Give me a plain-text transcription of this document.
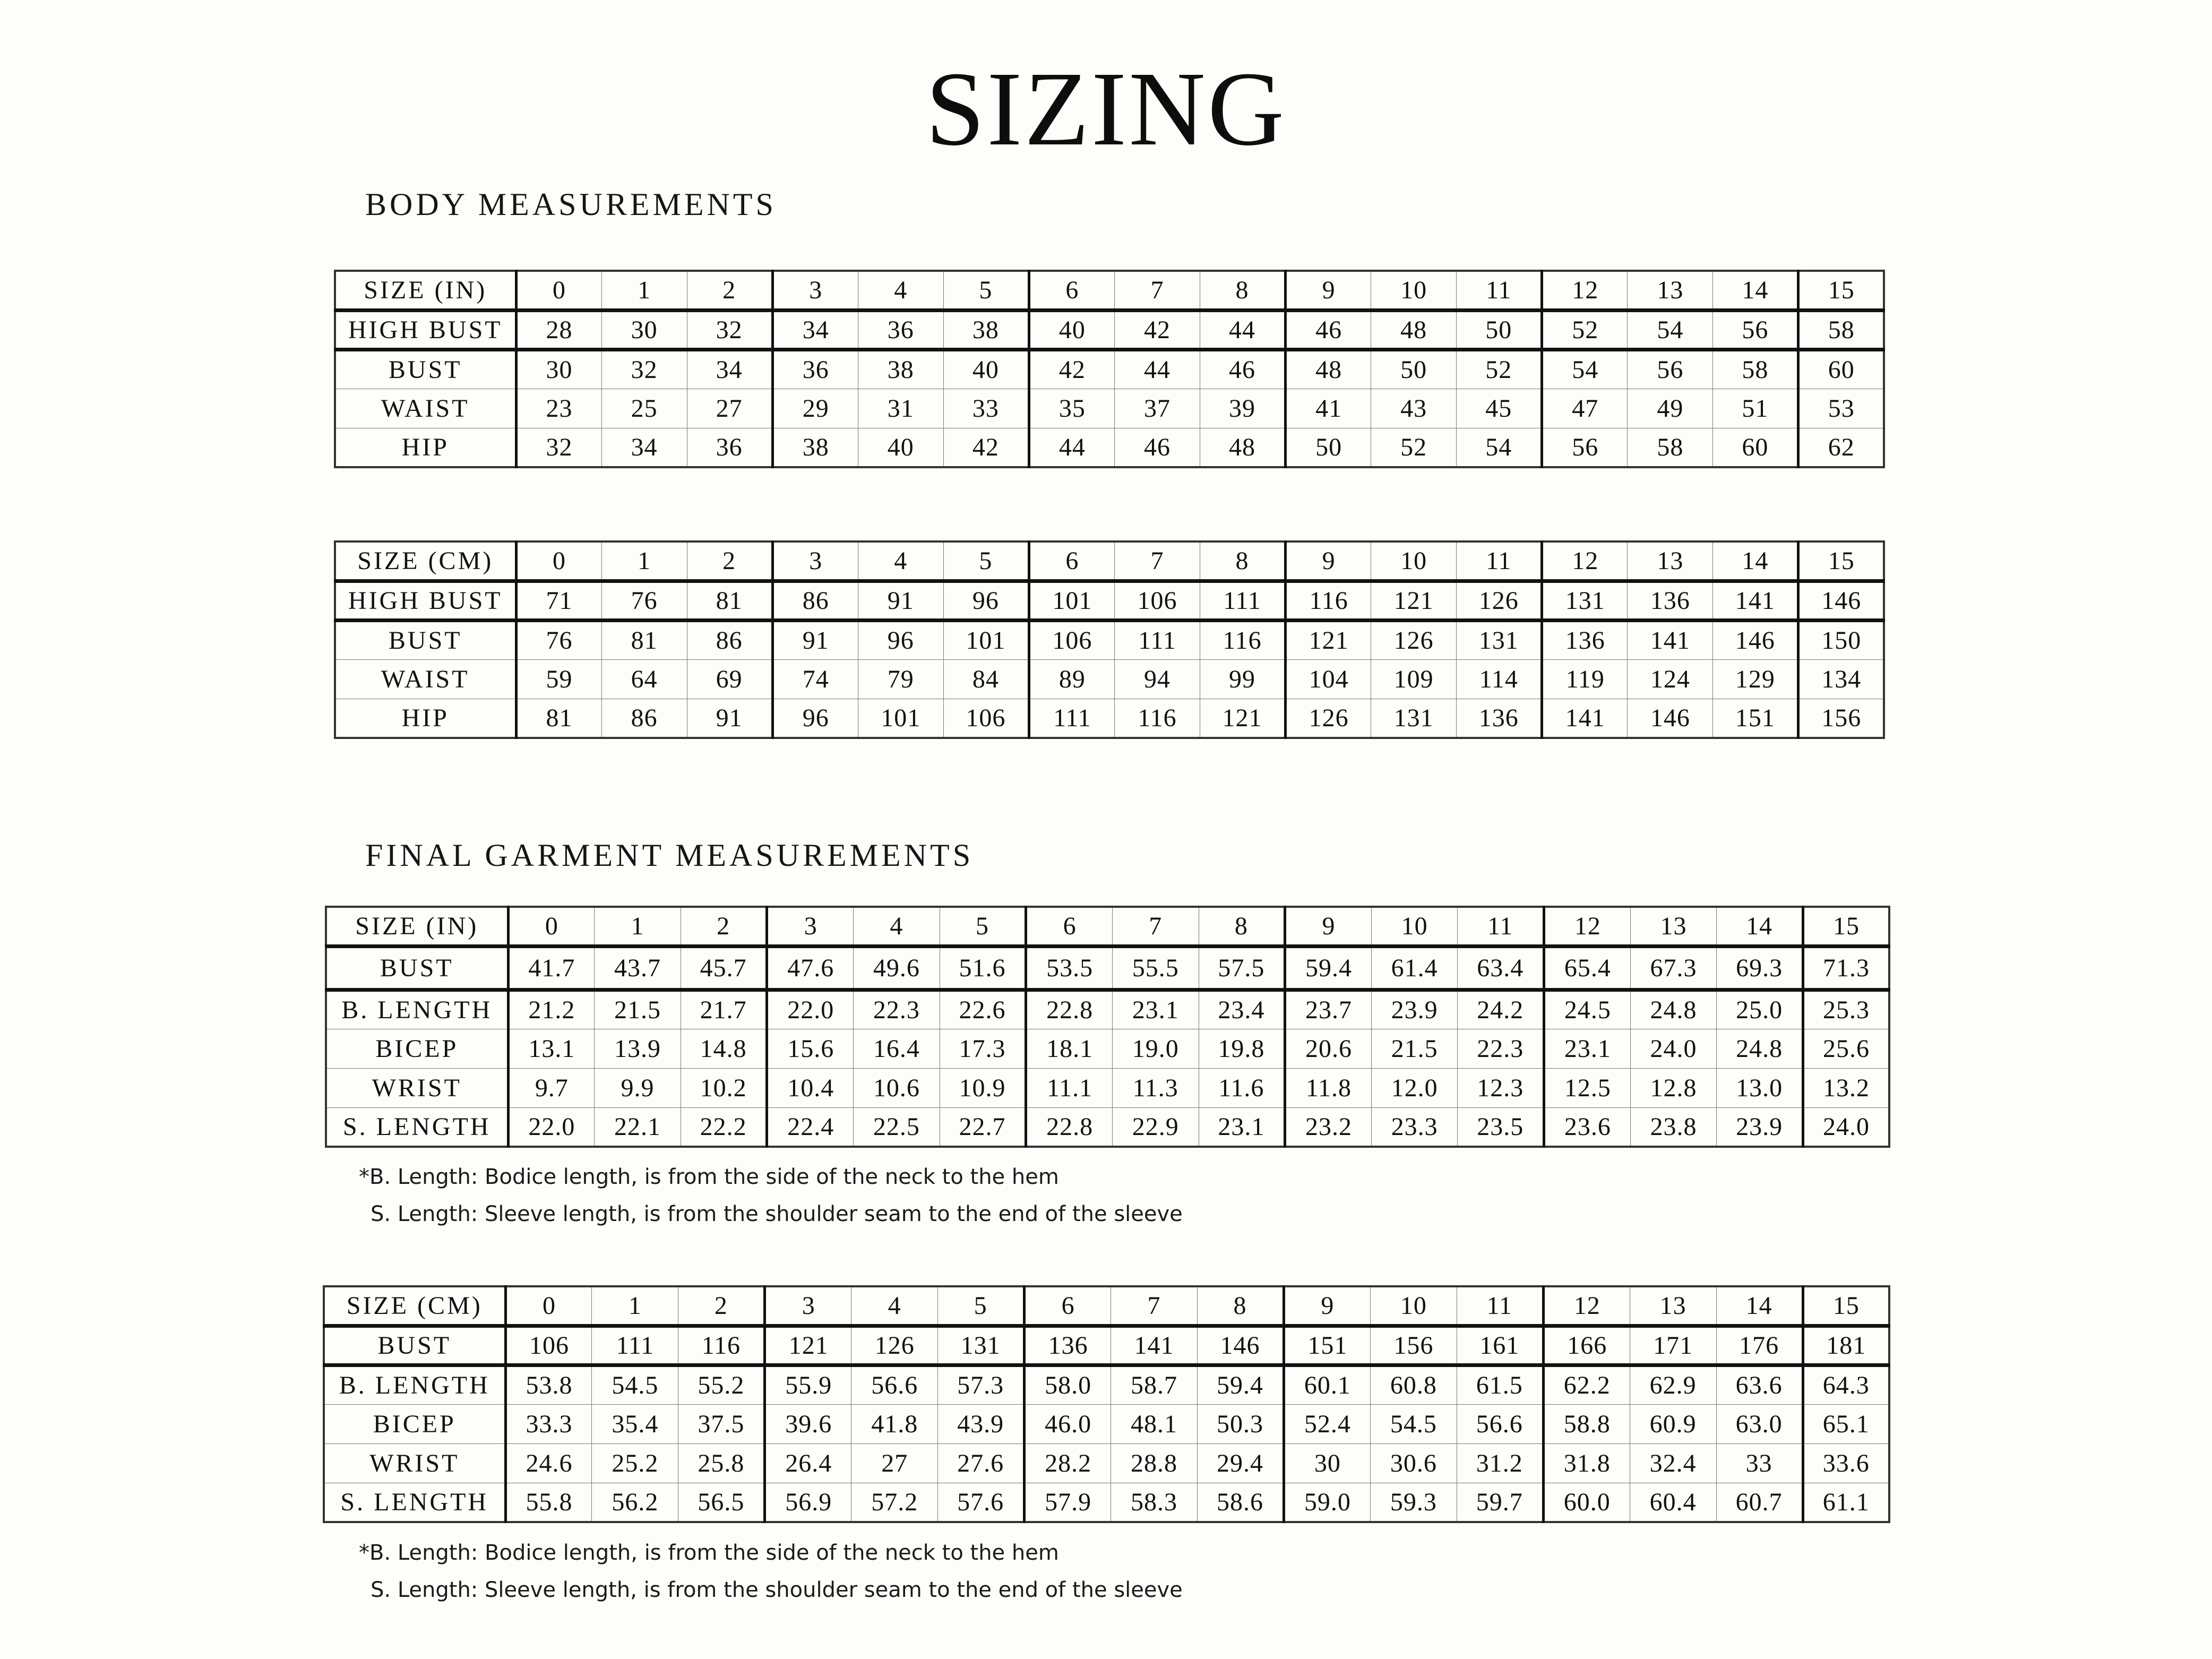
SIZING
BODY MEASUREMENTS
SIZE (IN)	0	1	2	3	4	5	6	7	8	9	10	11	12	13	14	15
HIGH BUST	28	30	32	34	36	38	40	42	44	46	48	50	52	54	56	58
BUST	30	32	34	36	38	40	42	44	46	48	50	52	54	56	58	60
WAIST	23	25	27	29	31	33	35	37	39	41	43	45	47	49	51	53
HIP	32	34	36	38	40	42	44	46	48	50	52	54	56	58	60	62
SIZE (CM)	0	1	2	3	4	5	6	7	8	9	10	11	12	13	14	15
HIGH BUST	71	76	81	86	91	96	101	106	111	116	121	126	131	136	141	146
BUST	76	81	86	91	96	101	106	111	116	121	126	131	136	141	146	150
WAIST	59	64	69	74	79	84	89	94	99	104	109	114	119	124	129	134
HIP	81	86	91	96	101	106	111	116	121	126	131	136	141	146	151	156
FINAL GARMENT MEASUREMENTS
SIZE (IN)	0	1	2	3	4	5	6	7	8	9	10	11	12	13	14	15
BUST	41.7	43.7	45.7	47.6	49.6	51.6	53.5	55.5	57.5	59.4	61.4	63.4	65.4	67.3	69.3	71.3
B. LENGTH	21.2	21.5	21.7	22.0	22.3	22.6	22.8	23.1	23.4	23.7	23.9	24.2	24.5	24.8	25.0	25.3
BICEP	13.1	13.9	14.8	15.6	16.4	17.3	18.1	19.0	19.8	20.6	21.5	22.3	23.1	24.0	24.8	25.6
WRIST	9.7	9.9	10.2	10.4	10.6	10.9	11.1	11.3	11.6	11.8	12.0	12.3	12.5	12.8	13.0	13.2
S. LENGTH	22.0	22.1	22.2	22.4	22.5	22.7	22.8	22.9	23.1	23.2	23.3	23.5	23.6	23.8	23.9	24.0
*B. Length: Bodice length, is from the side of the neck to the hem
S. Length: Sleeve length, is from the shoulder seam to the end of the sleeve
SIZE (CM)	0	1	2	3	4	5	6	7	8	9	10	11	12	13	14	15
BUST	106	111	116	121	126	131	136	141	146	151	156	161	166	171	176	181
B. LENGTH	53.8	54.5	55.2	55.9	56.6	57.3	58.0	58.7	59.4	60.1	60.8	61.5	62.2	62.9	63.6	64.3
BICEP	33.3	35.4	37.5	39.6	41.8	43.9	46.0	48.1	50.3	52.4	54.5	56.6	58.8	60.9	63.0	65.1
WRIST	24.6	25.2	25.8	26.4	27	27.6	28.2	28.8	29.4	30	30.6	31.2	31.8	32.4	33	33.6
S. LENGTH	55.8	56.2	56.5	56.9	57.2	57.6	57.9	58.3	58.6	59.0	59.3	59.7	60.0	60.4	60.7	61.1
*B. Length: Bodice length, is from the side of the neck to the hem
S. Length: Sleeve length, is from the shoulder seam to the end of the sleeve
